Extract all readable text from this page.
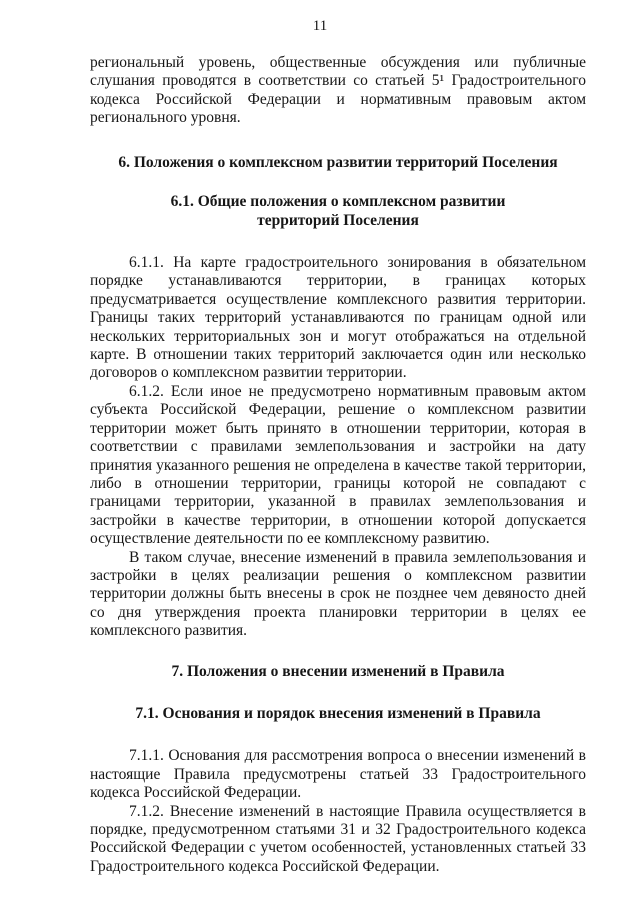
11

региональный уровень, общественные обсуждения или публичные слушания проводятся в соответствии со статьей 5¹ Градостроительного кодекса Российской Федерации и нормативным правовым актом регионального уровня.

6. Положения о комплексном развитии территорий Поселения

6.1. Общие положения о комплексном развитии
территорий Поселения

6.1.1. На карте градостроительного зонирования в обязательном порядке устанавливаются территории, в границах которых предусматривается осуществление комплексного развития территории. Границы таких территорий устанавливаются по границам одной или нескольких территориальных зон и могут отображаться на отдельной карте. В отношении таких территорий заключается один или несколько договоров о комплексном развитии территории.

6.1.2. Если иное не предусмотрено нормативным правовым актом субъекта Российской Федерации, решение о комплексном развитии территории может быть принято в отношении территории, которая в соответствии с правилами землепользования и застройки на дату принятия указанного решения не определена в качестве такой территории, либо в отношении территории, границы которой не совпадают с границами территории, указанной в правилах землепользования и застройки в качестве территории, в отношении которой допускается осуществление деятельности по ее комплексному развитию.

В таком случае, внесение изменений в правила землепользования и застройки в целях реализации решения о комплексном развитии территории должны быть внесены в срок не позднее чем девяносто дней со дня утверждения проекта планировки территории в целях ее комплексного развития.

7. Положения о внесении изменений в Правила

7.1. Основания и порядок внесения изменений в Правила

7.1.1. Основания для рассмотрения вопроса о внесении изменений в настоящие Правила предусмотрены статьей 33 Градостроительного кодекса Российской Федерации.

7.1.2. Внесение изменений в настоящие Правила осуществляется в порядке, предусмотренном статьями 31 и 32 Градостроительного кодекса Российской Федерации с учетом особенностей, установленных статьей 33 Градостроительного кодекса Российской Федерации.
